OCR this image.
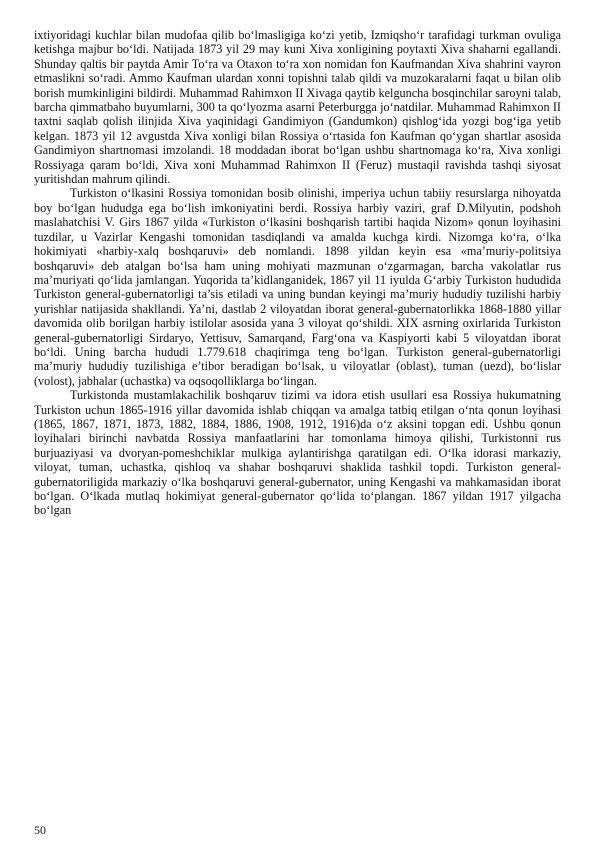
ixtiyoridagi kuchlar bilan mudofaa qilib bo‘lmasligiga ko‘zi yetib, Izmiqsho‘r tarafidagi turkman ovuliga ketishga majbur bo‘ldi. Natijada 1873 yil 29 may kuni Xiva xonligining poytaxti Xiva shaharni egallandi. Shunday qaltis bir paytda Amir To‘ra va Otaxon to‘ra xon nomidan fon Kaufmandan Xiva shahrini vayron etmaslikni so‘radi. Ammo Kaufman ulardan xonni topishni talab qildi va muzokaralarni faqat u bilan olib borish mumkinligini bildirdi. Muhammad Rahimxon II Xivaga qaytib kelguncha bosqinchilar saroyni talab, barcha qimmatbaho buyumlarni, 300 ta qo‘lyozma asarni Peterburgga jo‘natdilar. Muhammad Rahimxon II taxtni saqlab qolish ilinjida Xiva yaqinidagi Gandimiyon (Gandumkon) qishlog‘ida yozgi bog‘iga yetib kelgan. 1873 yil 12 avgustda Xiva xonligi bilan Rossiya o‘rtasida fon Kaufman qo‘ygan shartlar asosida Gandimiyon shartnomasi imzolandi. 18 moddadan iborat bo‘lgan ushbu shartnomaga ko‘ra, Xiva xonligi Rossiyaga qaram bo‘ldi, Xiva xoni Muhammad Rahimxon II (Feruz) mustaqil ravishda tashqi siyosat yuritishdan mahrum qilindi.

Turkiston o‘lkasini Rossiya tomonidan bosib olinishi, imperiya uchun tabiiy resurslarga nihoyatda boy bo‘lgan hududga ega bo‘lish imkoniyatini berdi. Rossiya harbiy vaziri, graf D.Milyutin, podshoh maslahatchisi V. Girs 1867 yilda «Turkiston o‘lkasini boshqarish tartibi haqida Nizom» qonun loyihasini tuzdilar, u Vazirlar Kengashi tomonidan tasdiqlandi va amalda kuchga kirdi. Nizomga ko‘ra, o‘lka hokimiyati «harbiy-xalq boshqaruvi» deb nomlandi. 1898 yildan keyin esa «ma’muriy-politsiya boshqaruvi» deb atalgan bo‘lsa ham uning mohiyati mazmunan o‘zgarmagan, barcha vakolatlar rus ma’muriyati qo‘lida jamlangan. Yuqorida ta’kidlanganidek, 1867 yil 11 iyulda G‘arbiy Turkiston hududida Turkiston general-gubernatorligi ta’sis etiladi va uning bundan keyingi ma’muriy hududiy tuzilishi harbiy yurishlar natijasida shakllandi. Ya’ni, dastlab 2 viloyatdan iborat general-gubernatorlikka 1868-1880 yillar davomida olib borilgan harbiy istilolar asosida yana 3 viloyat qo‘shildi. XIX asrning oxirlarida Turkiston general-gubernatorligi Sirdaryo, Yettisuv, Samarqand, Farg‘ona va Kaspiyorti kabi 5 viloyatdan iborat bo‘ldi. Uning barcha hududi 1.779.618 chaqirimga teng bo‘lgan. Turkiston general-gubernatorligi ma’muriy hududiy tuzilishiga e’tibor beradigan bo‘lsak, u viloyatlar (oblast), tuman (uezd), bo‘lislar (volost), jabhalar (uchastka) va oqsoqolliklarga bo‘lingan.

Turkistonda mustamlakachilik boshqaruv tizimi va idora etish usullari esa Rossiya hukumatning Turkiston uchun 1865-1916 yillar davomida ishlab chiqqan va amalga tatbiq etilgan o‘nta qonun loyihasi (1865, 1867, 1871, 1873, 1882, 1884, 1886, 1908, 1912, 1916)da o‘z aksini topgan edi. Ushbu qonun loyihalari birinchi navbatda Rossiya manfaatlarini har tomonlama himoya qilishi, Turkistonni rus burjuaziyasi va dvoryan-pomeshchiklar mulkiga aylantirishga qaratilgan edi. O‘lka idorasi markaziy, viloyat, tuman, uchastka, qishloq va shahar boshqaruvi shaklida tashkil topdi. Turkiston general-gubernatoriligida markaziy o‘lka boshqaruvi general-gubernator, uning Kengashi va mahkamasidan iborat bo‘lgan. O‘lkada mutlaq hokimiyat general-gubernator qo‘lida to‘plangan. 1867 yildan 1917 yilgacha bo‘lgan

50
